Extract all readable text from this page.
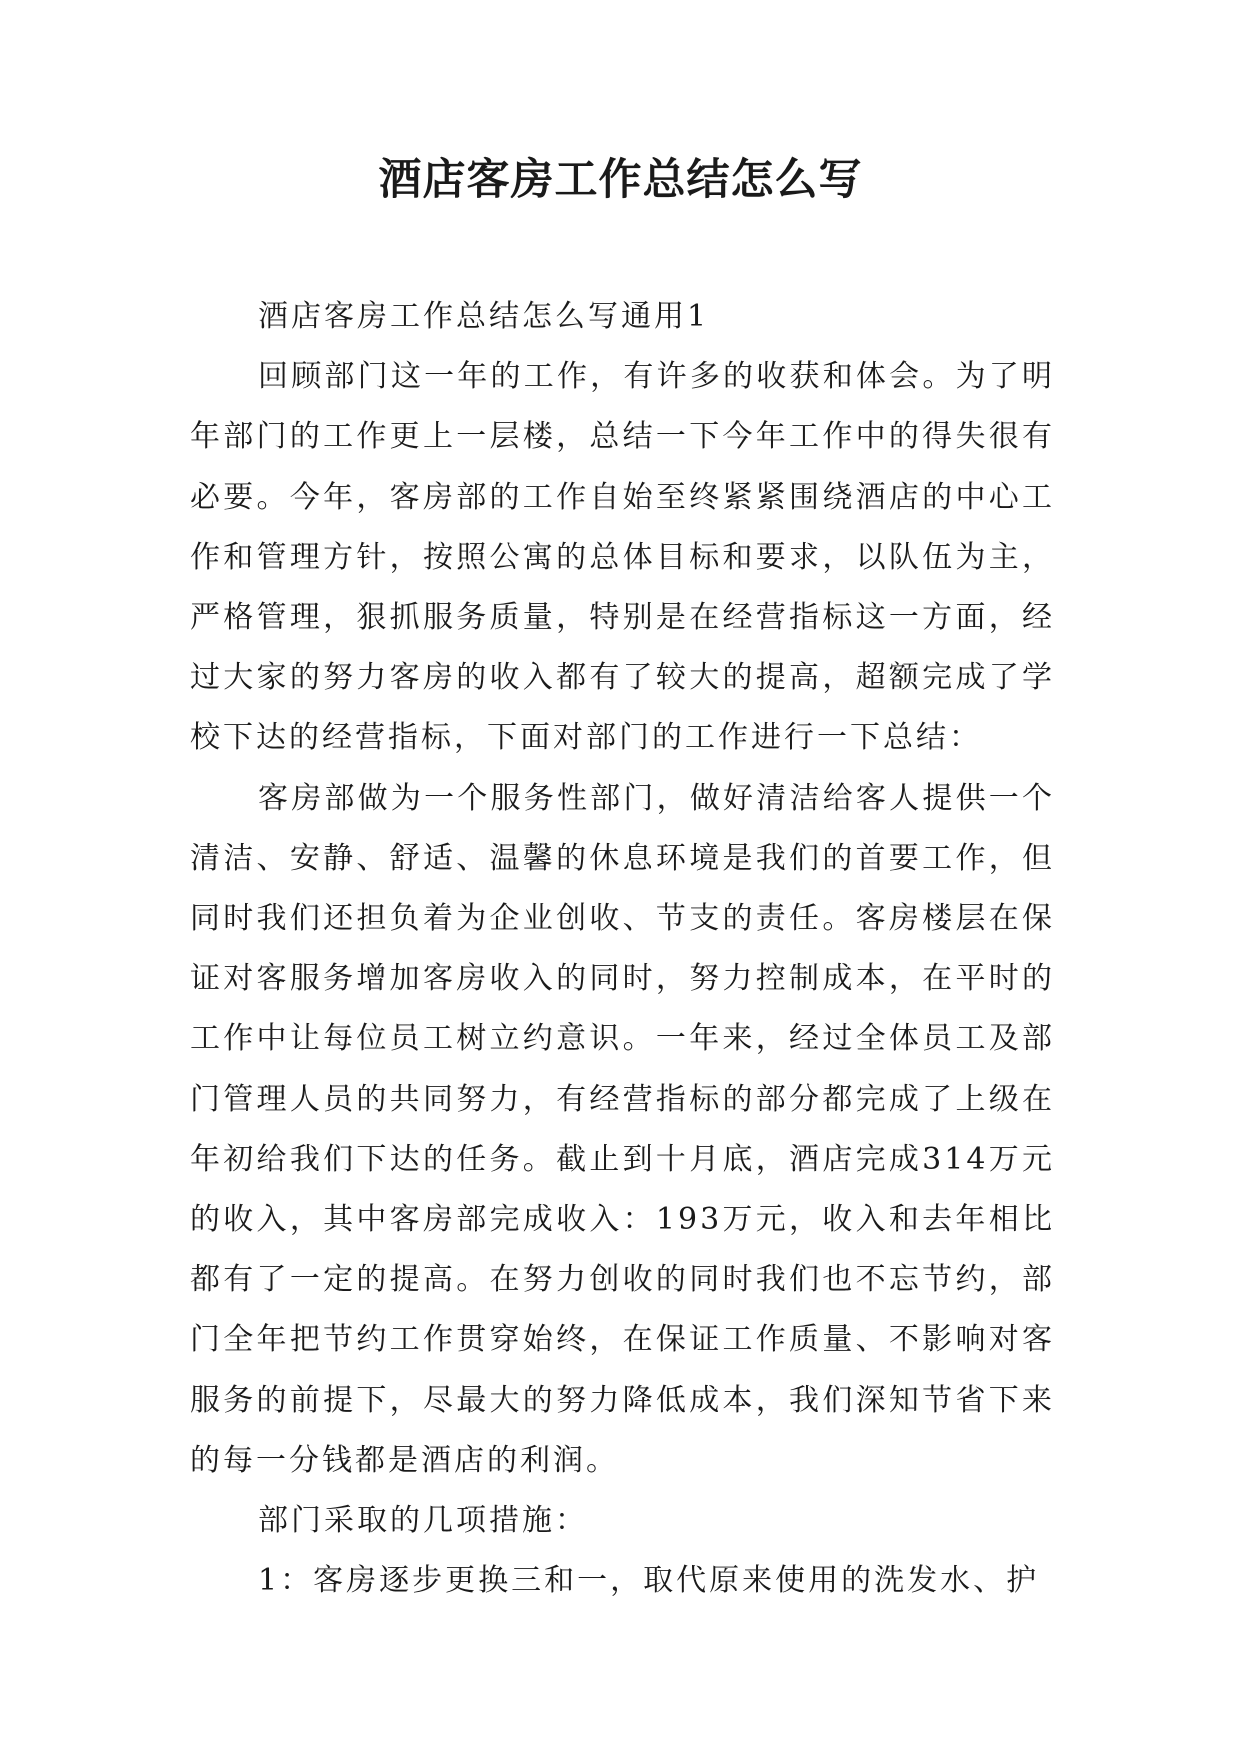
酒店客房工作总结怎么写

酒店客房工作总结怎么写通用1

回顾部门这一年的工作，有许多的收获和体会。为了明年部门的工作更上一层楼，总结一下今年工作中的得失很有必要。今年，客房部的工作自始至终紧紧围绕酒店的中心工作和管理方针，按照公寓的总体目标和要求，以队伍为主，严格管理，狠抓服务质量，特别是在经营指标这一方面，经过大家的努力客房的收入都有了较大的提高，超额完成了学校下达的经营指标，下面对部门的工作进行一下总结：

客房部做为一个服务性部门，做好清洁给客人提供一个清洁、安静、舒适、温馨的休息环境是我们的首要工作，但同时我们还担负着为企业创收、节支的责任。客房楼层在保证对客服务增加客房收入的同时，努力控制成本，在平时的工作中让每位员工树立约意识。一年来，经过全体员工及部门管理人员的共同努力，有经营指标的部分都完成了上级在年初给我们下达的任务。截止到十月底，酒店完成314万元的收入，其中客房部完成收入：193万元，收入和去年相比都有了一定的提高。在努力创收的同时我们也不忘节约，部门全年把节约工作贯穿始终，在保证工作质量、不影响对客服务的前提下，尽最大的努力降低成本，我们深知节省下来的每一分钱都是酒店的利润。

部门采取的几项措施：

1：客房逐步更换三和一，取代原来使用的洗发水、护
